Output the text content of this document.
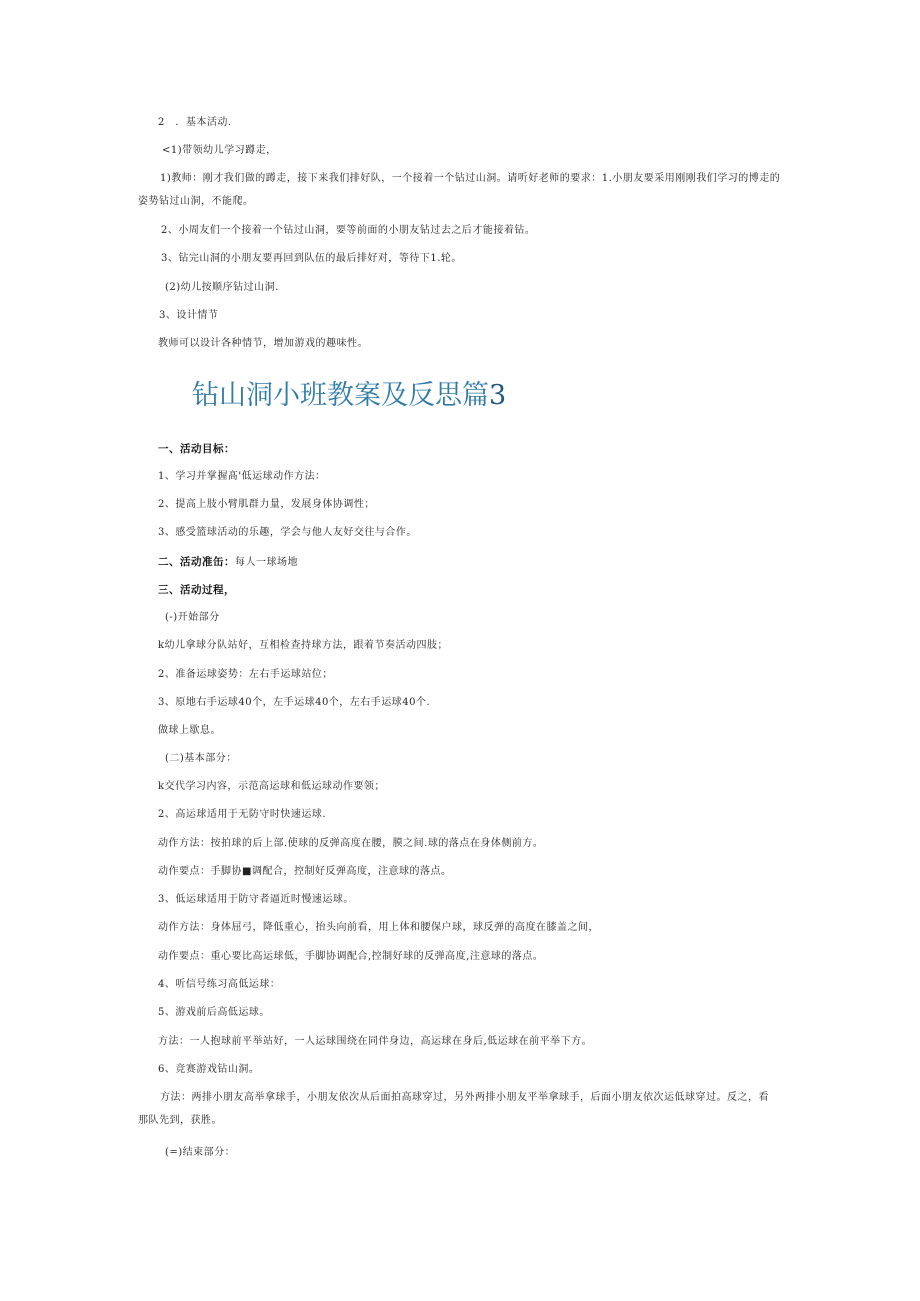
2　．基本活动.
<1)带领幼儿学习蹲走，
1)教师：刚才我们做的蹲走，接下来我们排好队，一个接着一个钻过山洞。请听好老师的要求：1.小朋友要采用刚刚我们学习的博走的姿势钻过山洞，不能爬。
2、小周友们一个接着一个钻过山洞，要等前面的小朋友钻过去之后才能接着钻。
3、钻完山洞的小朋友要再回到队伍的最后排好对，等待下1.轮。
(2)幼儿按顺序钻过山洞.
3、设计情节
教师可以设计各种情节，增加游戏的趣味性。
钻山洞小班教案及反思篇3
一、活动目标：
1、学习并掌握髙'低运球动作方法：
2、提高上肢小臂肌群力量，发展身体协调性；
3、感受篮球活动的乐趣，学会与他人友好交往与合作。
二、活动准缶：每人一球场地
三、活动过程，
(-)开始部分
k幼儿拿球分队站好，互相检查持球方法，跟着节奏活动四肢；
2、准备运球姿势：左右手运球站位；
3、原地右手运球40个，左手运球40个，左右手运球40个.
做球上歇息。
(二)基本部分：
k交代学习内容，示范高运球和低运球动作要领；
2、高运球适用于无防守时快速运球.
动作方法：按拍球的后上部.使球的反弹高度在腰，膜之间.球的落点在身体侧前方。
动作要点：手脚协■调配合，控制好反弹高度，注意球的落点。
3、低运球适用于防守者逼近时慢速运球。
动作方法：身体屈弓，降低重心，抬头向前看，用上体和腰保户球，球反弹的高度在膝盖之间，
动作要点：重心要比高运球低，手脚协调配合,控制好球的反弹高度,注意球的落点。
4、听信号练习高低运球：
5、游戏前后高低运球。
方法：一人抱球前平举站好，一人运球围绕在同伴身边，高运球在身后,低运球在前平举下方。
6、竞赛游戏钻山洞。
方法：两排小朋友高举拿球手，小朋友依次从后面拍高球穿过，另外两排小朋友平举拿球手，后面小朋友依次运低球穿过。反之，看那队先到，获胜。
(=)结束部分：
